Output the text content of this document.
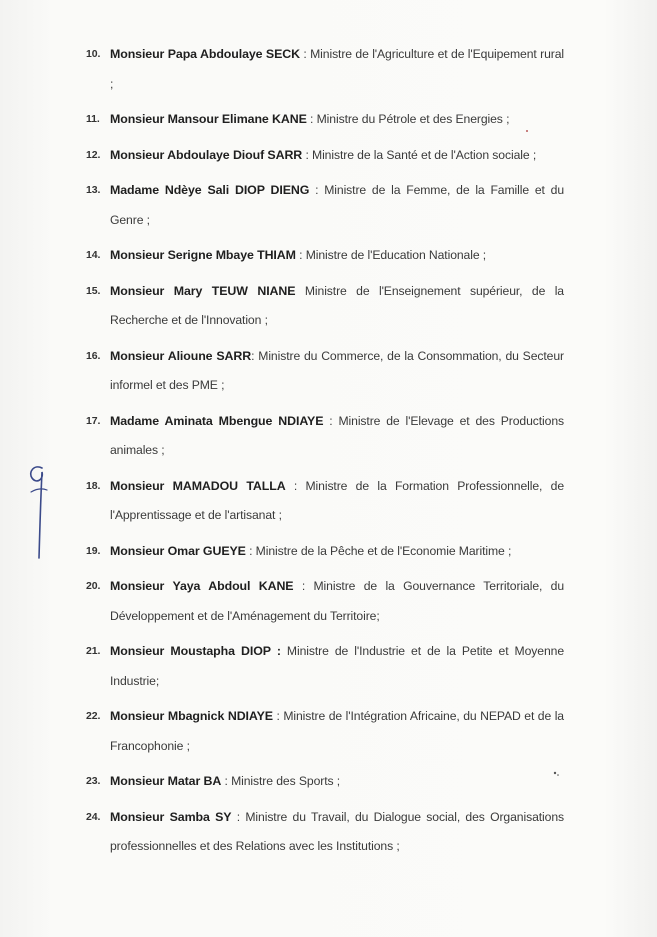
10. Monsieur Papa Abdoulaye SECK : Ministre de l'Agriculture et de l'Equipement rural ;
11. Monsieur Mansour Elimane KANE : Ministre du Pétrole et des Energies ;
12. Monsieur Abdoulaye Diouf SARR : Ministre de la Santé et de l'Action sociale ;
13. Madame Ndèye Sali DIOP DIENG : Ministre de la Femme, de la Famille et du Genre ;
14. Monsieur Serigne Mbaye THIAM : Ministre de l'Education Nationale ;
15. Monsieur Mary TEUW NIANE Ministre de l'Enseignement supérieur, de la Recherche et de l'Innovation ;
16. Monsieur Alioune SARR: Ministre du Commerce, de la Consommation, du Secteur informel et des PME ;
17. Madame Aminata Mbengue NDIAYE : Ministre de l'Elevage et des Productions animales ;
18. Monsieur MAMADOU TALLA : Ministre de la Formation Professionnelle, de l'Apprentissage et de l'artisanat ;
19. Monsieur Omar GUEYE : Ministre de la Pêche et de l'Economie Maritime ;
20. Monsieur Yaya Abdoul KANE : Ministre de la Gouvernance Territoriale, du Développement et de l'Aménagement du Territoire;
21. Monsieur Moustapha DIOP : Ministre de l'Industrie et de la Petite et Moyenne Industrie;
22. Monsieur Mbagnick NDIAYE : Ministre de l'Intégration Africaine, du NEPAD et de la Francophonie ;
23. Monsieur Matar BA : Ministre des Sports ;
24. Monsieur Samba SY : Ministre du Travail, du Dialogue social, des Organisations professionnelles et des Relations avec les Institutions ;
